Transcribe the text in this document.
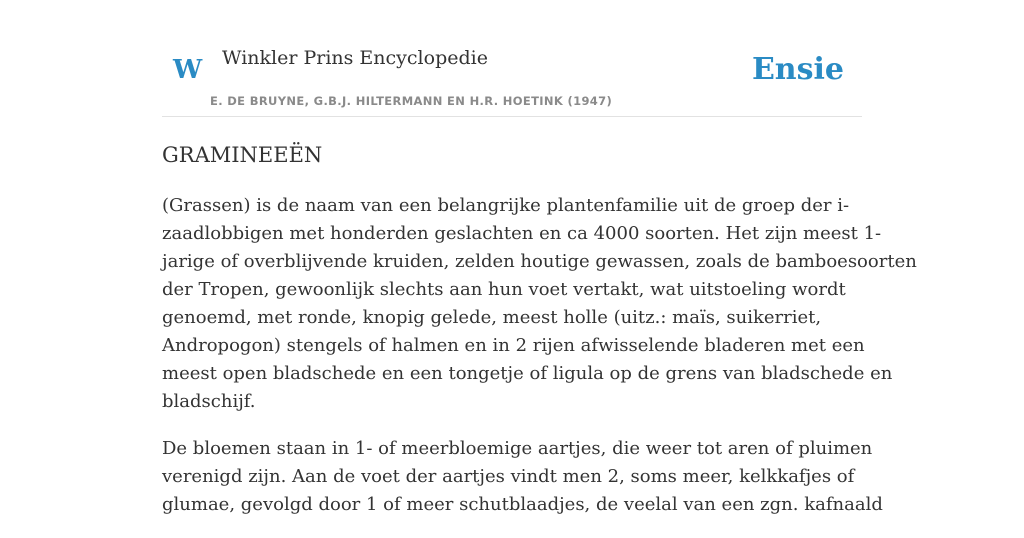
W Winkler Prins Encyclopedie
E. DE BRUYNE, G.B.J. HILTERMANN EN H.R. HOETINK (1947)
Ensie
GRAMINEEËN

(Grassen) is de naam van een belangrijke plantenfamilie uit de groep der i-
zaadlobbigen met honderden geslachten en ca 4000 soorten. Het zijn meest 1-
jarige of overblijvende kruiden, zelden houtige gewassen, zoals de bamboesoorten
der Tropen, gewoonlijk slechts aan hun voet vertakt, wat uitstoeling wordt
genoemd, met ronde, knopig gelede, meest holle (uitz.: maïs, suikerriet,
Andropogon) stengels of halmen en in 2 rijen afwisselende bladeren met een
meest open bladschede en een tongetje of ligula op de grens van bladschede en
bladschijf.

De bloemen staan in 1- of meerbloemige aartjes, die weer tot aren of pluimen
verenigd zijn. Aan de voet der aartjes vindt men 2, soms meer, kelkkafjes of
glumae, gevolgd door 1 of meer schutblaadjes, de veelal van een zgn. kafnaald
